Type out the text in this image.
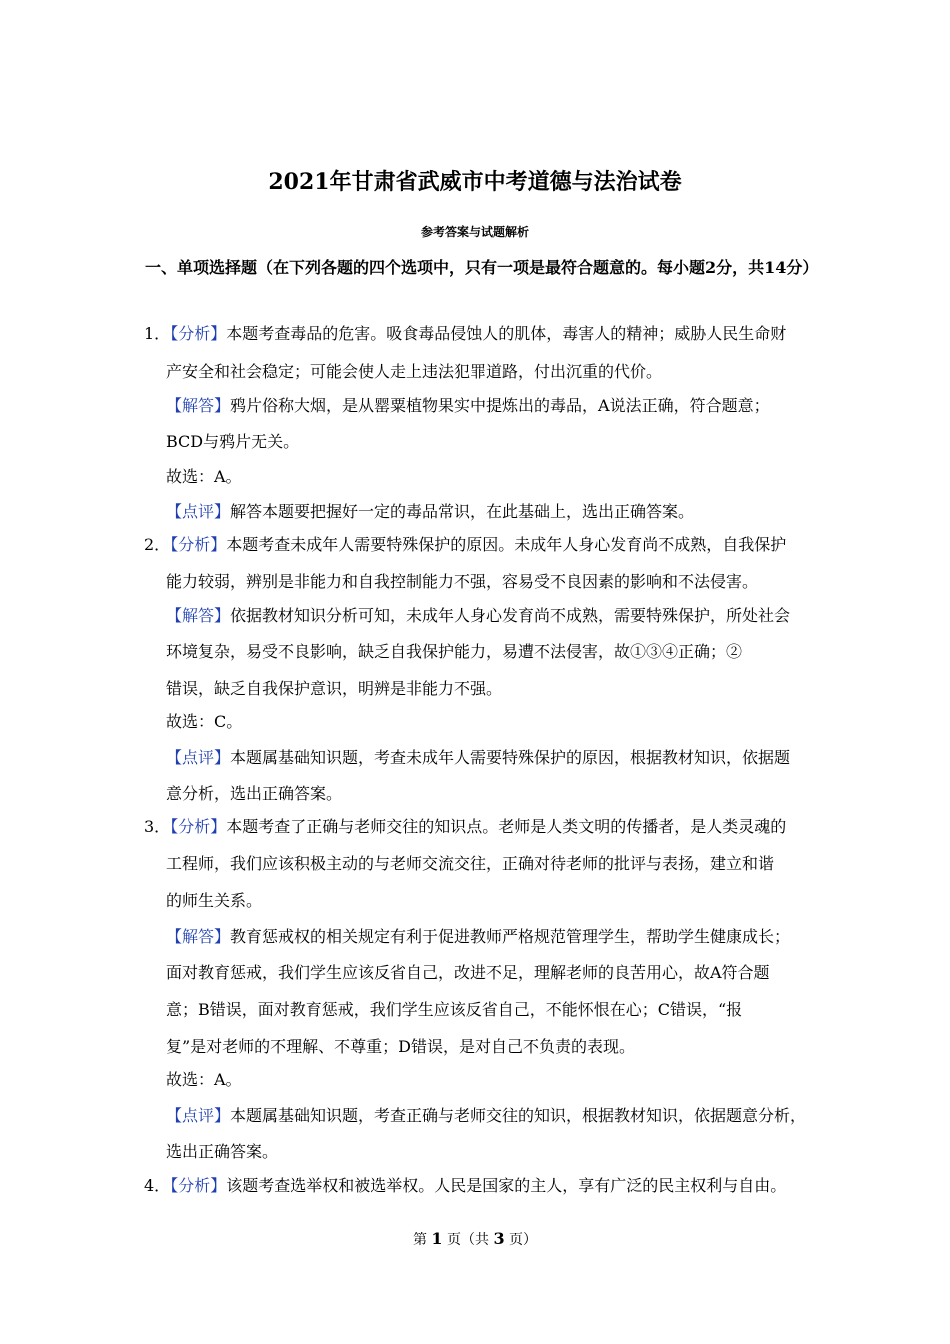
2021年甘肃省武威市中考道德与法治试卷
参考答案与试题解析
一、单项选择题（在下列各题的四个选项中，只有一项是最符合题意的。每小题2分，共14分）
1．【分析】本题考查毒品的危害。吸食毒品侵蚀人的肌体，毒害人的精神；威胁人民生命财
产安全和社会稳定；可能会使人走上违法犯罪道路，付出沉重的代价。
【解答】鸦片俗称大烟，是从罂粟植物果实中提炼出的毒品，A说法正确，符合题意；
BCD与鸦片无关。
故选：A。
【点评】解答本题要把握好一定的毒品常识，在此基础上，选出正确答案。
2．【分析】本题考查未成年人需要特殊保护的原因。未成年人身心发育尚不成熟，自我保护
能力较弱，辨别是非能力和自我控制能力不强，容易受不良因素的影响和不法侵害。
【解答】依据教材知识分析可知，未成年人身心发育尚不成熟，需要特殊保护，所处社会
环境复杂，易受不良影响，缺乏自我保护能力，易遭不法侵害，故①③④正确；②
错误，缺乏自我保护意识，明辨是非能力不强。
故选：C。
【点评】本题属基础知识题，考查未成年人需要特殊保护的原因，根据教材知识，依据题
意分析，选出正确答案。
3．【分析】本题考查了正确与老师交往的知识点。老师是人类文明的传播者，是人类灵魂的
工程师，我们应该积极主动的与老师交流交往，正确对待老师的批评与表扬，建立和谐
的师生关系。
【解答】教育惩戒权的相关规定有利于促进教师严格规范管理学生，帮助学生健康成长；
面对教育惩戒，我们学生应该反省自己，改进不足，理解老师的良苦用心，故A符合题
意；B错误，面对教育惩戒，我们学生应该反省自己，不能怀恨在心；C错误，“报
复”是对老师的不理解、不尊重；D错误，是对自己不负责的表现。
故选：A。
【点评】本题属基础知识题，考查正确与老师交往的知识，根据教材知识，依据题意分析，
选出正确答案。
4．【分析】该题考查选举权和被选举权。人民是国家的主人，享有广泛的民主权利与自由。
第 1 页（共 3 页）
